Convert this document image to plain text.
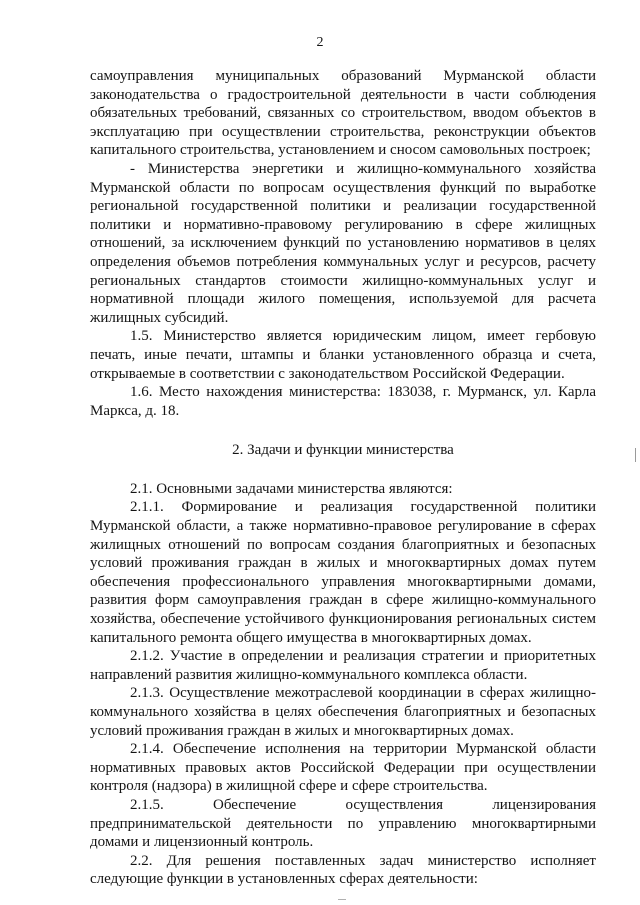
2

самоуправления муниципальных образований Мурманской области законодательства о градостроительной деятельности в части соблюдения обязательных требований, связанных со строительством, вводом объектов в эксплуатацию при осуществлении строительства, реконструкции объектов капитального строительства, установлением и сносом самовольных построек;

- Министерства энергетики и жилищно-коммунального хозяйства Мурманской области по вопросам осуществления функций по выработке региональной государственной политики и реализации государственной политики и нормативно-правовому регулированию в сфере жилищных отношений, за исключением функций по установлению нормативов в целях определения объемов потребления коммунальных услуг и ресурсов, расчету региональных стандартов стоимости жилищно-коммунальных услуг и нормативной площади жилого помещения, используемой для расчета жилищных субсидий.

1.5. Министерство является юридическим лицом, имеет гербовую печать, иные печати, штампы и бланки установленного образца и счета, открываемые в соответствии с законодательством Российской Федерации.

1.6. Место нахождения министерства: 183038, г. Мурманск, ул. Карла Маркса, д. 18.

2. Задачи и функции министерства

2.1. Основными задачами министерства являются:

2.1.1. Формирование и реализация государственной политики Мурманской области, а также нормативно-правовое регулирование в сферах жилищных отношений по вопросам создания благоприятных и безопасных условий проживания граждан в жилых и многоквартирных домах путем обеспечения профессионального управления многоквартирными домами, развития форм самоуправления граждан в сфере жилищно-коммунального хозяйства, обеспечение устойчивого функционирования региональных систем капитального ремонта общего имущества в многоквартирных домах.

2.1.2. Участие в определении и реализация стратегии и приоритетных направлений развития жилищно-коммунального комплекса области.

2.1.3. Осуществление межотраслевой координации в сферах жилищно-коммунального хозяйства в целях обеспечения благоприятных и безопасных условий проживания граждан в жилых и многоквартирных домах.

2.1.4. Обеспечение исполнения на территории Мурманской области нормативных правовых актов Российской Федерации при осуществлении контроля (надзора) в жилищной сфере и сфере строительства.

2.1.5. Обеспечение осуществления лицензирования предпринимательской деятельности по управлению многоквартирными домами и лицензионный контроль.

2.2. Для решения поставленных задач министерство исполняет следующие функции в установленных сферах деятельности:
